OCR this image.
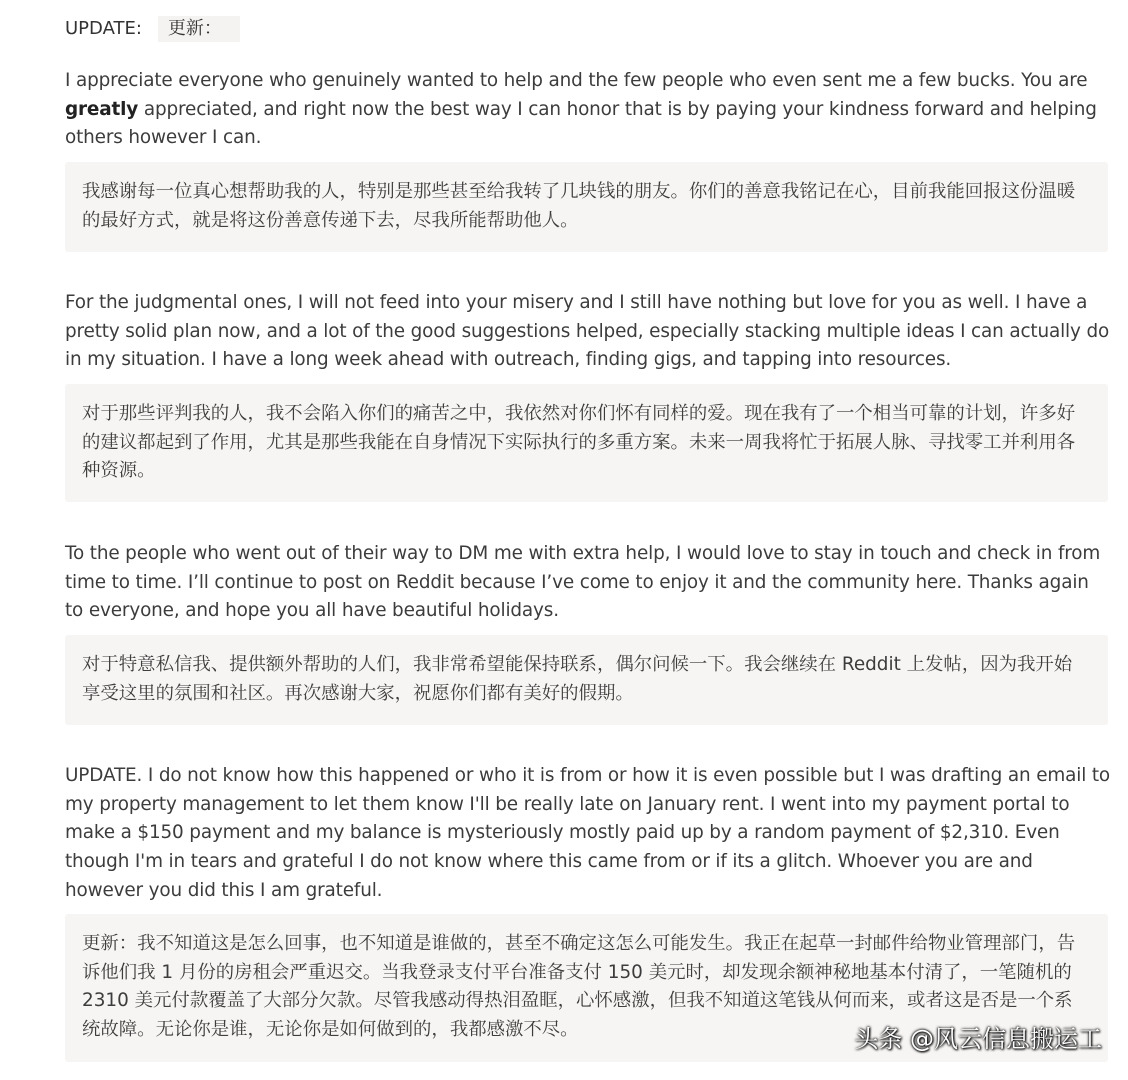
UPDATE:	更新：
I appreciate everyone who genuinely wanted to help and the few people who even sent me a few bucks. You are greatly appreciated, and right now the best way I can honor that is by paying your kindness forward and helping others however I can.
我感谢每一位真心想帮助我的人，特别是那些甚至给我转了几块钱的朋友。你们的善意我铭记在心，目前我能回报这份温暖的最好方式，就是将这份善意传递下去，尽我所能帮助他人。
For the judgmental ones, I will not feed into your misery and I still have nothing but love for you as well. I have a pretty solid plan now, and a lot of the good suggestions helped, especially stacking multiple ideas I can actually do in my situation. I have a long week ahead with outreach, finding gigs, and tapping into resources.
对于那些评判我的人，我不会陷入你们的痛苦之中，我依然对你们怀有同样的爱。现在我有了一个相当可靠的计划，许多好的建议都起到了作用，尤其是那些我能在自身情况下实际执行的多重方案。未来一周我将忙于拓展人脉、寻找零工并利用各种资源。
To the people who went out of their way to DM me with extra help, I would love to stay in touch and check in from time to time. I’ll continue to post on Reddit because I’ve come to enjoy it and the community here. Thanks again to everyone, and hope you all have beautiful holidays.
对于特意私信我、提供额外帮助的人们，我非常希望能保持联系，偶尔问候一下。我会继续在 Reddit 上发帖，因为我开始享受这里的氛围和社区。再次感谢大家，祝愿你们都有美好的假期。
UPDATE. I do not know how this happened or who it is from or how it is even possible but I was drafting an email to my property management to let them know I'll be really late on January rent. I went into my payment portal to make a $150 payment and my balance is mysteriously mostly paid up by a random payment of $2,310. Even though I'm in tears and grateful I do not know where this came from or if its a glitch. Whoever you are and however you did this I am grateful.
更新：我不知道这是怎么回事，也不知道是谁做的，甚至不确定这怎么可能发生。我正在起草一封邮件给物业管理部门，告诉他们我 1 月份的房租会严重迟交。当我登录支付平台准备支付 150 美元时，却发现余额神秘地基本付清了，一笔随机的 2310 美元付款覆盖了大部分欠款。尽管我感动得热泪盈眶，心怀感激，但我不知道这笔钱从何而来，或者这是否是一个系统故障。无论你是谁，无论你是如何做到的，我都感激不尽。	头条 @风云信息搬运工
